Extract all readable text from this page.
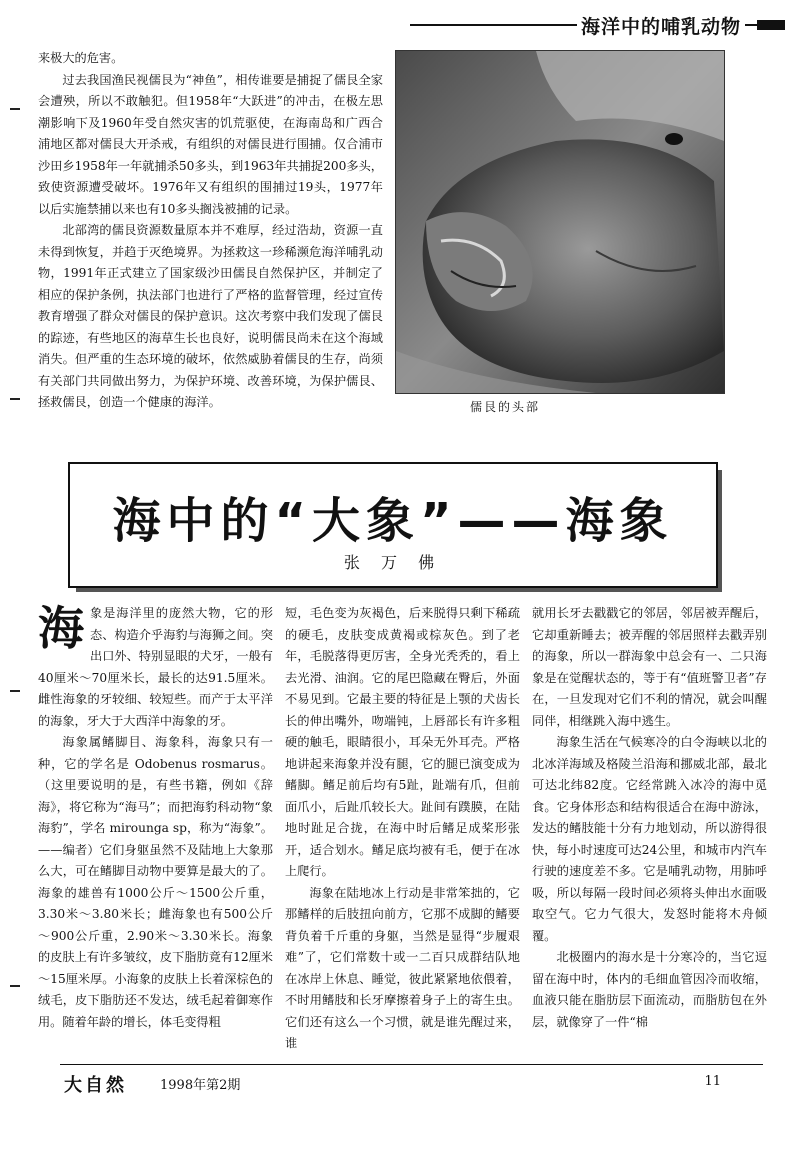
海洋中的哺乳动物

来极大的危害。

过去我国渔民视儒艮为“神鱼”，相传谁要是捕捉了儒艮全家会遭殃，所以不敢触犯。但1958年“大跃进”的冲击，在极左思潮影响下及1960年受自然灾害的饥荒驱使，在海南岛和广西合浦地区都对儒艮大开杀戒，有组织的对儒艮进行围捕。仅合浦市沙田乡1958年一年就捕杀50多头，到1963年共捕捉200多头，致使资源遭受破坏。1976年又有组织的围捕过19头，1977年以后实施禁捕以来也有10多头搁浅被捕的记录。

北部湾的儒艮资源数量原本并不难厚，经过浩劫，资源一直未得到恢复，并趋于灭绝境界。为拯救这一珍稀濒危海洋哺乳动物，1991年正式建立了国家级沙田儒艮自然保护区，并制定了相应的保护条例，执法部门也进行了严格的监督管理，经过宣传教育增强了群众对儒艮的保护意识。这次考察中我们发现了儒艮的踪迹，有些地区的海草生长也良好，说明儒艮尚未在这个海域消失。但严重的生态环境的破坏，依然威胁着儒艮的生存，尚须有关部门共同做出努力，为保护环境、改善环境，为保护儒艮、拯救儒艮，创造一个健康的海洋。	儒艮的头部
海中的“大象”——海象
张 万 佛
海 象是海洋里的庞然大物，它的形态、构造介乎海豹与海狮之间。突出口外、特别显眼的犬牙，一般有40厘米～70厘米长，最长的达91.5厘米。雌性海象的牙较细、较短些。而产于太平洋的海象，牙大于大西洋中海象的牙。

海象属鳍脚目、海象科，海象只有一种，它的学名是 Odobenus rosmarus。（这里要说明的是，有些书籍，例如《辞海》，将它称为“海马”；而把海豹科动物“象海豹”，学名 mirounga sp，称为“海象”。——编者）它们身躯虽然不及陆地上大象那么大，可在鳍脚目动物中要算是最大的了。海象的雄兽有1000公斤～1500公斤重，3.30米～3.80米长；雌海象也有500公斤～900公斤重，2.90米～3.30米长。海象的皮肤上有许多皱纹，皮下脂肪竟有12厘米～15厘米厚。小海象的皮肤上长着深棕色的绒毛，皮下脂肪还不发达，绒毛起着御寒作用。随着年龄的增长，体毛变得粗

短，毛色变为灰褐色，后来脱得只剩下稀疏的硬毛，皮肤变成黄褐或棕灰色。到了老年，毛脱落得更厉害，全身光秃秃的，看上去光滑、油润。它的尾巴隐藏在臀后，外面不易见到。它最主要的特征是上颚的犬齿长长的伸出嘴外，吻端钝，上唇部长有许多粗硬的触毛，眼睛很小，耳朵无外耳壳。严格地讲起来海象并没有腿，它的腿已演变成为鳍脚。鳍足前后均有5趾，趾端有爪，但前面爪小，后趾爪较长大。趾间有蹼膜，在陆地时趾足合拢，在海中时后鳍足成桨形张开，适合划水。鳍足底均被有毛，便于在冰上爬行。

海象在陆地冰上行动是非常笨拙的，它那鳍样的后肢扭向前方，它那不成脚的鳍要背负着千斤重的身躯，当然是显得“步履艰难”了，它们常数十或一二百只成群结队地在冰岸上休息、睡觉，彼此紧紧地依偎着，不时用鳍肢和长牙摩擦着身子上的寄生虫。它们还有这么一个习惯，就是谁先醒过来，谁

就用长牙去戳戳它的邻居，邻居被弄醒后，它却重新睡去；被弄醒的邻居照样去戳弄别的海象，所以一群海象中总会有一、二只海象是在觉醒状态的，等于有“值班警卫者”存在，一旦发现对它们不利的情况，就会叫醒同伴，相继跳入海中逃生。

海象生活在气候寒冷的白令海峡以北的北冰洋海域及格陵兰沿海和挪威北部，最北可达北纬82度。它经常跳入冰冷的海中觅食。它身体形态和结构很适合在海中游泳，发达的鳍肢能十分有力地划动，所以游得很快，每小时速度可达24公里，和城市内汽车行驶的速度差不多。它是哺乳动物，用肺呼吸，所以每隔一段时间必须将头伸出水面吸取空气。它力气很大，发怒时能将木舟倾覆。

北极圈内的海水是十分寒冷的，当它逗留在海中时，体内的毛细血管因冷而收缩，血液只能在脂肪层下面流动，而脂肪包在外层，就像穿了一件“棉

大自然	1998年第2期	11
